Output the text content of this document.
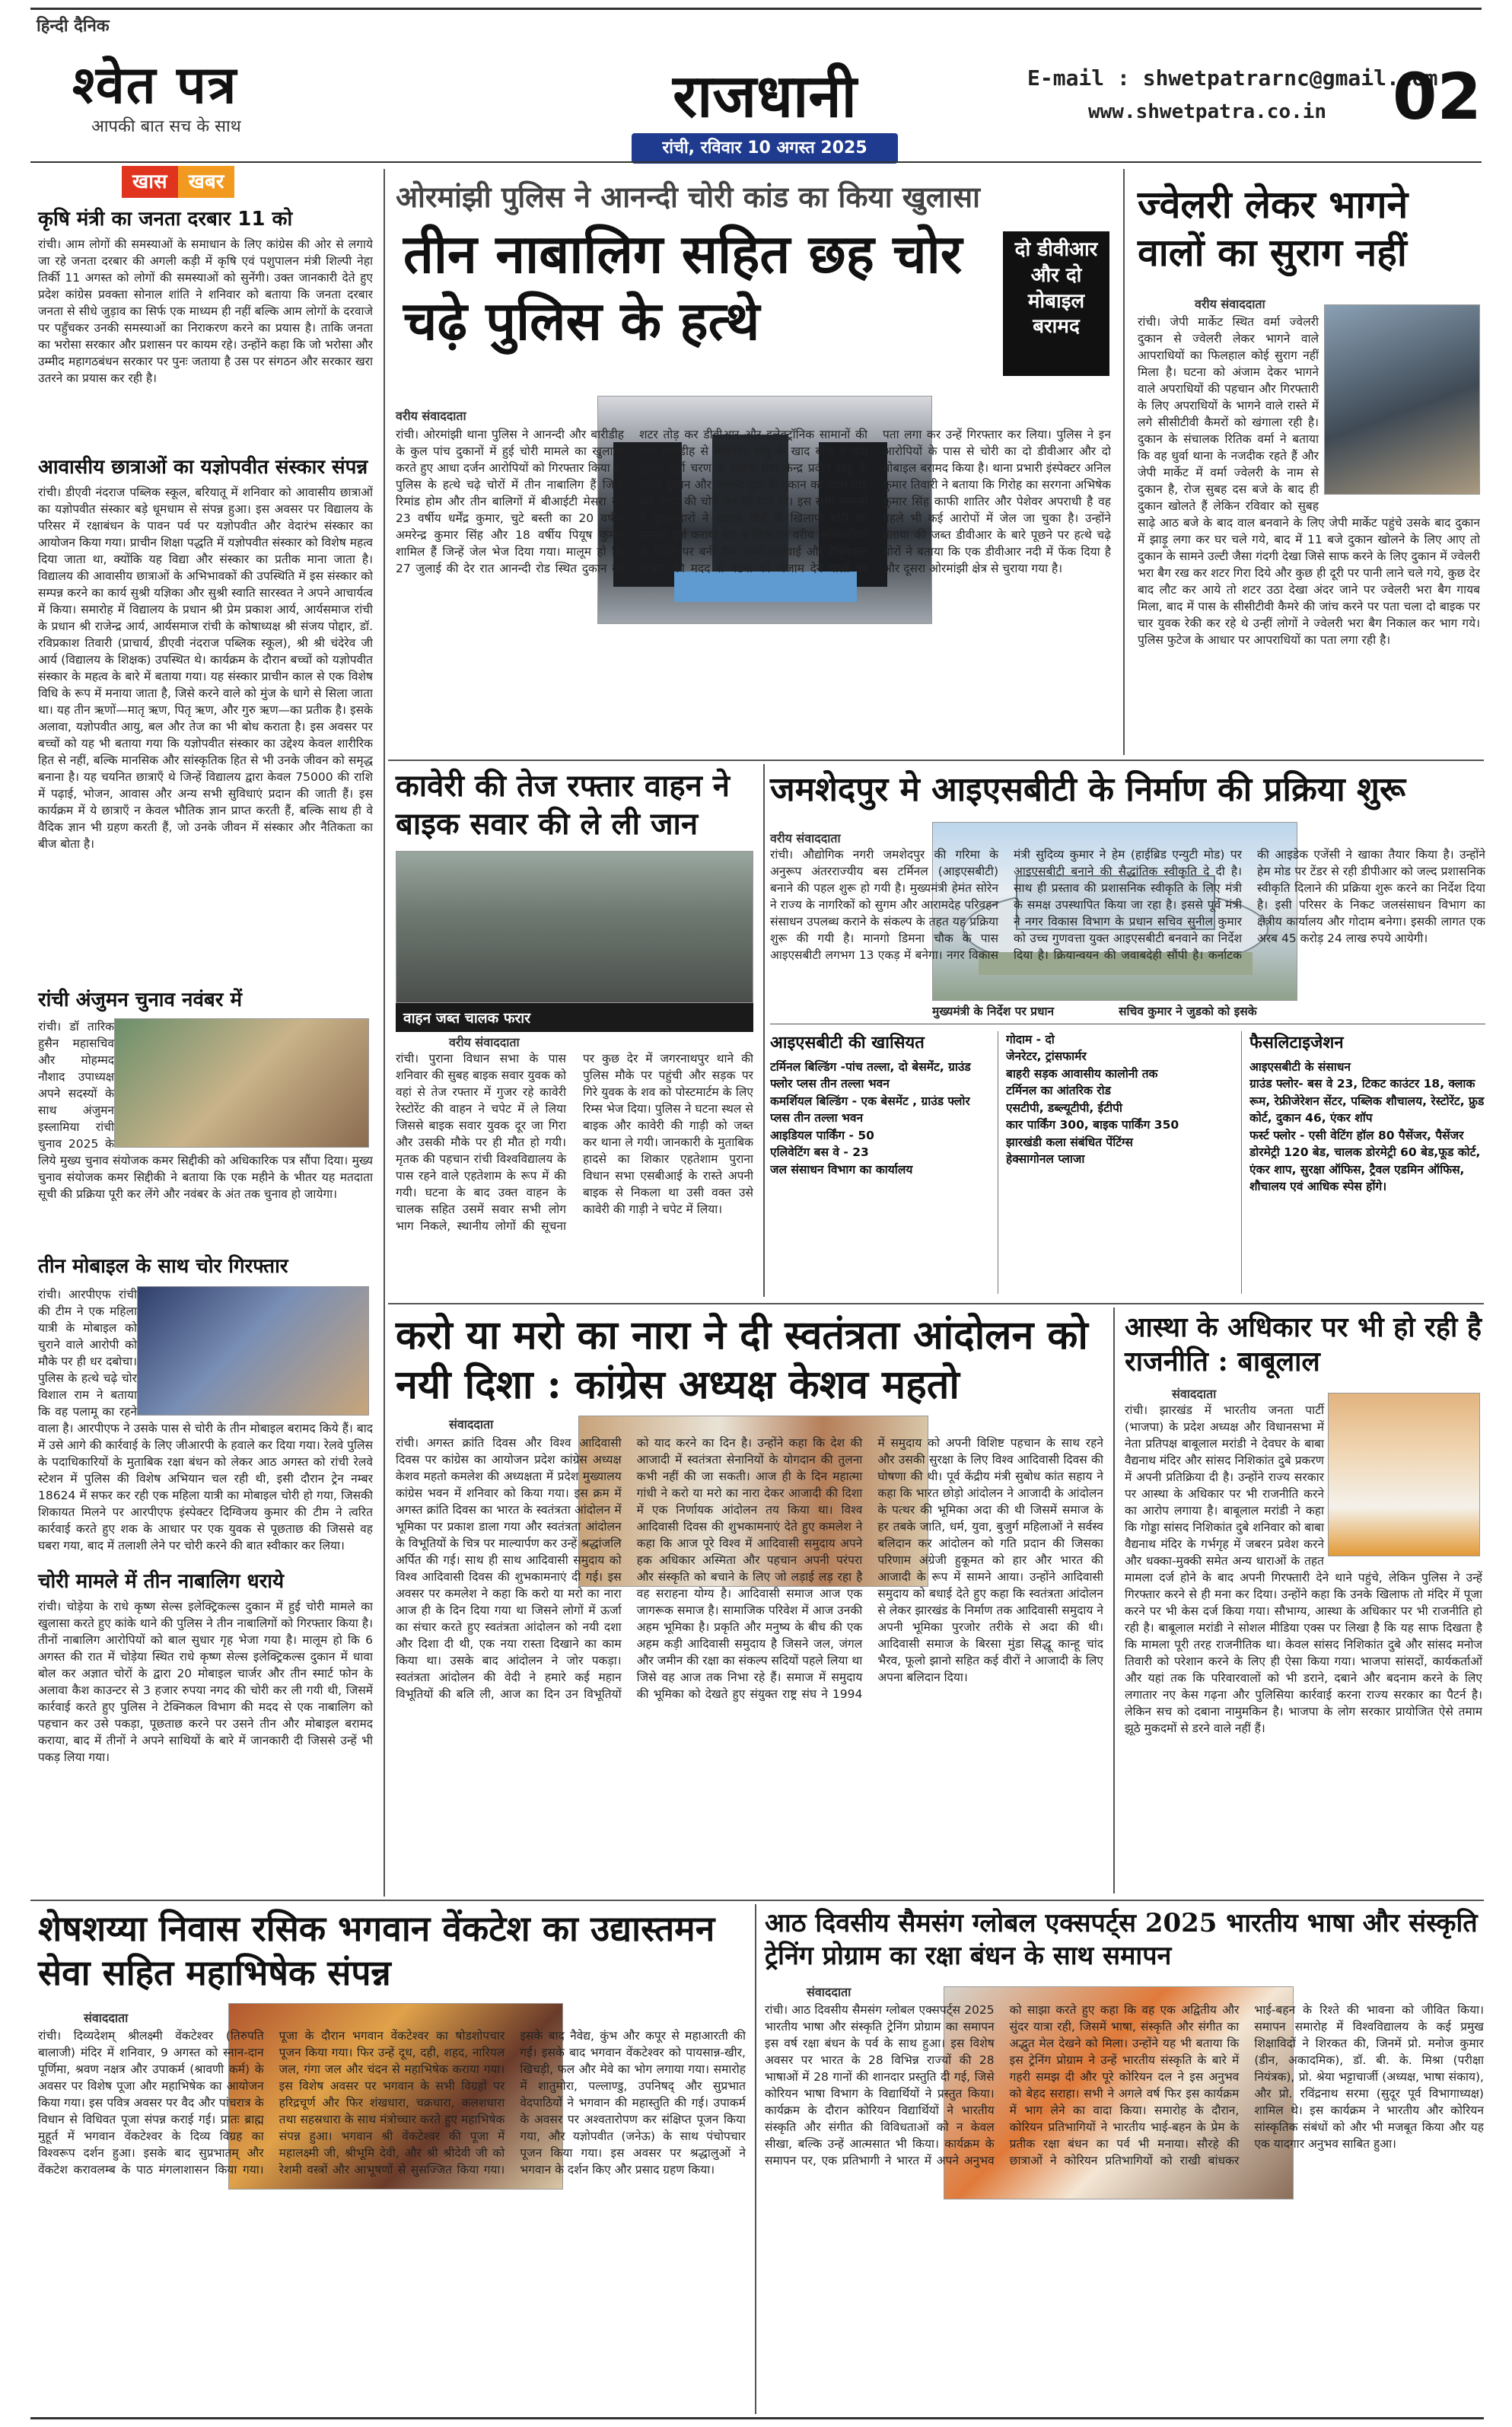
हिन्दी दैनिक
श्वेत पत्र
आपकी बात सच के साथ	राजधानी
रांची, रविवार 10 अगस्त 2025
E-mail : shwetpatrarnc@gmail.com
www.shwetpatra.co.in 02
खास	खबर
कृषि मंत्री का जनता दरबार 11 को
रांची। आम लोगों की समस्याओं के समाधान के लिए कांग्रेस की ओर से लगाये जा रहे जनता दरबार की अगली कड़ी में कृषि एवं पशुपालन मंत्री शिल्पी नेहा तिर्की 11 अगस्त को लोगों की समस्याओं को सुनेंगी। उक्त जानकारी देते हुए प्रदेश कांग्रेस प्रवक्ता सोनाल शांति ने शनिवार को बताया कि जनता दरबार जनता से सीधे जुड़ाव का सिर्फ एक माध्यम ही नहीं बल्कि आम लोगों के दरवाजे पर पहुँचकर उनकी समस्याओं का निराकरण करने का प्रयास है। ताकि जनता का भरोसा सरकार और प्रशासन पर कायम रहे। उन्होंने कहा कि जो भरोसा और उम्मीद महागठबंधन सरकार पर पुनः जताया है उस पर संगठन और सरकार खरा उतरने का प्रयास कर रही है।
आवासीय छात्राओं का यज्ञोपवीत संस्कार संपन्न
रांची। डीएवी नंदराज पब्लिक स्कूल, बरियातू में शनिवार को आवासीय छात्राओं का यज्ञोपवीत संस्कार बड़े धूमधाम से संपन्न हुआ। इस अवसर पर विद्यालय के परिसर में रक्षाबंधन के पावन पर्व पर यज्ञोपवीत और वेदारंभ संस्कार का आयोजन किया गया। प्राचीन शिक्षा पद्धति में यज्ञोपवीत संस्कार को विशेष महत्व दिया जाता था, क्योंकि यह विद्या और संस्कार का प्रतीक माना जाता है। विद्यालय की आवासीय छात्राओं के अभिभावकों की उपस्थिति में इस संस्कार को सम्पन्न करने का कार्य सुश्री यज्ञिका और सुश्री स्वाति सारस्वत ने अपने आचार्यत्व में किया। समारोह में विद्यालय के प्रधान श्री प्रेम प्रकाश आर्य, आर्यसमाज रांची के प्रधान श्री राजेन्द्र आर्य, आर्यसमाज रांची के कोषाध्यक्ष श्री संजय पोद्दार, डॉ. रविप्रकाश तिवारी (प्राचार्य, डीएवी नंदराज पब्लिक स्कूल), श्री श्री चंदेरेव जी आर्य (विद्यालय के शिक्षक) उपस्थित थे। कार्यक्रम के दौरान बच्चों को यज्ञोपवीत संस्कार के महत्व के बारे में बताया गया। यह संस्कार प्राचीन काल से एक विशेष विधि के रूप में मनाया जाता है, जिसे करने वाले को मुंज के धागे से सिला जाता था। यह तीन ऋणों—मातृ ऋण, पितृ ऋण, और गुरु ऋण—का प्रतीक है। इसके अलावा, यज्ञोपवीत आयु, बल और तेज का भी बोध कराता है। इस अवसर पर बच्चों को यह भी बताया गया कि यज्ञोपवीत संस्कार का उद्देश्य केवल शारीरिक हित से नहीं, बल्कि मानसिक और सांस्कृतिक हित से भी उनके जीवन को समृद्ध बनाना है। यह चयनित छात्राएँ थे जिन्हें विद्यालय द्वारा केवल 75000 की राशि में पढ़ाई, भोजन, आवास और अन्य सभी सुविधाएं प्रदान की जाती हैं। इस कार्यक्रम में ये छात्राएँ न केवल भौतिक ज्ञान प्राप्त करती हैं, बल्कि साथ ही वे वैदिक ज्ञान भी ग्रहण करती हैं, जो उनके जीवन में संस्कार और नैतिकता का बीज बोता है।
रांची अंजुमन चुनाव नवंबर में
रांची। डॉ तारिक हुसैन महासचिव और मोहम्मद नौशाद उपाध्यक्ष अपने सदस्यों के साथ अंजुमन इस्लामिया रांची चुनाव 2025 के लिये मुख्य चुनाव संयोजक कमर सिद्दीकी को अधिकारिक पत्र सौंपा दिया। मुख्य चुनाव संयोजक कमर सिद्दीकी ने बताया कि एक महीने के भीतर यह मतदाता सूची की प्रक्रिया पूरी कर लेंगे और नवंबर के अंत तक चुनाव हो जायेगा।
तीन मोबाइल के साथ चोर गिरफ्तार
रांची। आरपीएफ रांची की टीम ने एक महिला यात्री के मोबाइल को चुराने वाले आरोपी को मौके पर ही धर दबोचा। पुलिस के हत्थे चढ़े चोर विशाल राम ने बताया कि वह पलामू का रहने वाला है। आरपीएफ ने उसके पास से चोरी के तीन मोबाइल बरामद किये हैं। बाद में उसे आगे की कार्रवाई के लिए जीआरपी के हवाले कर दिया गया। रेलवे पुलिस के पदाधिकारियों के मुताबिक रक्षा बंधन को लेकर आठ अगस्त को रांची रेलवे स्टेशन में पुलिस की विशेष अभियान चल रही थी, इसी दौरान ट्रेन नम्बर 18624 में सफर कर रही एक महिला यात्री का मोबाइल चोरी हो गया, जिसकी शिकायत मिलने पर आरपीएफ इंस्पेक्टर दिग्विजय कुमार की टीम ने त्वरित कार्रवाई करते हुए शक के आधार पर एक युवक से पूछताछ की जिससे वह घबरा गया, बाद में तलाशी लेने पर चोरी करने की बात स्वीकार कर लिया।
चोरी मामले में तीन नाबालिग धराये
रांची। चोड़ेया के राधे कृष्ण सेल्स इलेक्ट्रिकल्स दुकान में हुई चोरी मामले का खुलासा करते हुए कांके थाने की पुलिस ने तीन नाबालिगों को गिरफ्तार किया है। तीनों नाबालिग आरोपियों को बाल सुधार गृह भेजा गया है। मालूम हो कि 6 अगस्त की रात में चोड़ेया स्थित राधे कृष्ण सेल्स इलेक्ट्रिकल्स दुकान में धावा बोल कर अज्ञात चोरों के द्वारा 20 मोबाइल चार्जर और तीन स्मार्ट फोन के अलावा कैश काउन्टर से 3 हजार रुपया नगद की चोरी कर ली गयी थी, जिसमें कार्रवाई करते हुए पुलिस ने टेक्निकल विभाग की मदद से एक नाबालिग को पहचान कर उसे पकड़ा, पूछताछ करने पर उसने तीन और मोबाइल बरामद कराया, बाद में तीनों ने अपने साथियों के बारे में जानकारी दी जिससे उन्हें भी पकड़ लिया गया।
ओरमांझी पुलिस ने आनन्दी चोरी कांड का किया खुलासा
तीन नाबालिग सहित छह चोर चढ़े पुलिस के हत्थे
दो डीवीआर और दो मोबाइल बरामद
वरीय संवाददाता
रांची। ओरमांझी थाना पुलिस ने आनन्दी और बारीडीह के कुल पांच दुकानों में हुई चोरी मामले का खुलासा करते हुए आधा दर्जन आरोपियों को गिरफ्तार किया है, पुलिस के हत्थे चढ़े चोरों में तीन नाबालिग हैं जिन्हें रिमांड होम और तीन बालिगों में बीआईटी मेसरा का 23 वर्षीय धर्मेंद्र कुमार, चुटे बस्ती का 20 वर्षीय अमरेन्द्र कुमार सिंह और 18 वर्षीय पियूष कुमार शामिल हैं जिन्हें जेल भेज दिया गया। मालूम हो कि 27 जुलाई की देर रात आनन्दी रोड स्थित दुकान का शटर तोड़ कर डीवीआर और इलेक्ट्रॉनिक सामानों की और बारीडीह से बालेश्वर साहु के खाद बीज व दवा दुकान दुर्गा चरण के ग्राहक सेवा केन्द्र प्रदीप साहू के राशन दुकान और आनन्द मुंडा के दुकान का ताला तोड़ कर नगदी की चोरी कर ली गयी थी। इस सभी मामलों में दुकानदारों ने अज्ञात चोरों के खिलाफ चोरी का मामला दर्ज कराया था। व जिस पर वरीय अधिकारियों के निर्देश पर बनी टीम अपने कार्रवाई और टेक्निकल विभाग की मदद से घटना को अंजाम देने वालों का पता लगा कर उन्हें गिरफ्तार कर लिया। पुलिस ने इन आरोपियों के पास से चोरी का दो डीवीआर और दो मोबाइल बरामद किया है। थाना प्रभारी इंस्पेक्टर अनिल कुमार तिवारी ने बताया कि गिरोह का सरगना अभिषेक कुमार सिंह काफी शातिर और पेशेवर अपराधी है वह पहले भी कई आरोपों में जेल जा चुका है। उन्होंने बताया की जब्त डीवीआर के बारे पूछने पर हत्थे चढ़े चोरों ने बताया कि एक डीवीआर नदी में फेंक दिया है और दूसरा ओरमांझी क्षेत्र से चुराया गया है।
ज्वेलरी लेकर भागने वालों का सुराग नहीं
वरीय संवाददाता
रांची। जेपी मार्केट स्थित वर्मा ज्वेलरी दुकान से ज्वेलरी लेकर भागने वाले आपराधियों का फिलहाल कोई सुराग नहीं मिला है। घटना को अंजाम देकर भागने वाले अपराधियों की पहचान और गिरफ्तारी के लिए अपराधियों के भागने वाले रास्ते में लगे सीसीटीवी कैमरों को खंगाला रही है। दुकान के संचालक रितिक वर्मा ने बताया कि वह धुर्वा थाना के नजदीक रहते हैं और जेपी मार्केट में वर्मा ज्वेलरी के नाम से दुकान है, रोज सुबह दस बजे के बाद ही दुकान खोलते हैं लेकिन रविवार को सुबह साढ़े आठ बजे के बाद वाल बनवाने के लिए जेपी मार्केट पहुंचे उसके बाद दुकान में झाड़ू लगा कर घर चले गये, बाद में 11 बजे दुकान खोलने के लिए आए तो दुकान के सामने उल्टी जैसा गंदगी देखा जिसे साफ करने के लिए दुकान में ज्वेलरी भरा बैग रख कर शटर गिरा दिये और कुछ ही दूरी पर पानी लाने चले गये, कुछ देर बाद लौट कर आये तो शटर उठा देखा अंदर जाने पर ज्वेलरी भरा बैग गायब मिला, बाद में पास के सीसीटीवी कैमरे की जांच करने पर पता चला दो बाइक पर चार युवक रेकी कर रहे थे उन्हीं लोगों ने ज्वेलरी भरा बैग निकाल कर भाग गये। पुलिस फुटेज के आधार पर आपराधियों का पता लगा रही है।
कावेरी की तेज रफ्तार वाहन ने बाइक सवार की ले ली जान
वाहन जब्त चालक फरार
वरीय संवाददाता
रांची। पुराना विधान सभा के पास शनिवार की सुबह बाइक सवार युवक को वहां से तेज रफ्तार में गुजर रहे कावेरी रेस्टोरेंट की वाहन ने चपेट में ले लिया जिससे बाइक सवार युवक दूर जा गिरा और उसकी मौके पर ही मौत हो गयी। मृतक की पहचान रांची विश्वविद्यालय के पास रहने वाले एहतेशाम के रूप में की गयी। घटना के बाद उक्त वाहन के चालक सहित उसमें सवार सभी लोग भाग निकले, स्थानीय लोगों की सूचना पर कुछ देर में जगरनाथपुर थाने की पुलिस मौके पर पहुंची और सड़क पर गिरे युवक के शव को पोस्टमार्टम के लिए रिम्स भेज दिया। पुलिस ने घटना स्थल से बाइक और कावेरी की गाड़ी को जब्त कर थाना ले गयी। जानकारी के मुताबिक हादसे का शिकार एहतेशाम पुराना विधान सभा एसबीआई के रास्ते अपनी बाइक से निकला था उसी वक्त उसे कावेरी की गाड़ी ने चपेट में लिया।
जमशेदपुर मे आइएसबीटी के निर्माण की प्रक्रिया शुरू
वरीय संवाददाता
रांची। औद्योगिक नगरी जमशेदपुर की गरिमा के अनुरूप अंतरराज्यीय बस टर्मिनल (आइएसबीटी) बनाने की पहल शुरू हो गयी है। मुख्यमंत्री हेमंत सोरेन ने राज्य के नागरिकों को सुगम और आरामदेह परिवहन संसाधन उपलब्ध कराने के संकल्प के तहत यह प्रक्रिया शुरू की गयी है। मानगो डिमना चौक के पास आइएसबीटी लगभग 13 एकड़ में बनेगा। नगर विकास मंत्री सुदिव्य कुमार ने हेम (हाईब्रिड एन्युटी मोड) पर आइएसबीटी बनाने की सैद्धांतिक स्वीकृति दे दी है। साथ ही प्रस्ताव की प्रशासनिक स्वीकृति के लिए मंत्री के समक्ष उपस्थापित किया जा रहा है। इससे पूर्व मंत्री ने नगर विकास विभाग के प्रधान सचिव सुनील कुमार को उच्च गुणवत्ता युक्त आइएसबीटी बनवाने का निर्देश दिया है। क्रियान्वयन की जवाबदेही सौंपी है। कर्नाटक की आइडेक एजेंसी ने खाका तैयार किया है। उन्होंने हेम मोड पर टेंडर से रही डीपीआर को जल्द प्रशासनिक स्वीकृति दिलाने की प्रक्रिया शुरू करने का निर्देश दिया है। इसी परिसर के निकट जलसंसाधन विभाग का क्षेत्रीय कार्यालय और गोदाम बनेगा। इसकी लागत एक अरब 45 करोड़ 24 लाख रुपये आयेगी।
मुख्यमंत्री के निर्देश पर प्रधान	सचिव कुमार ने जुडको को इसके
आइएसबीटी की खासियत
टर्मिनल बिल्डिंग -पांच तल्ला, दो बेसमेंट, ग्राउंड फ्लोर प्लस तीन तल्ला भवन
कमर्शियल बिल्डिंग - एक बेसमेंट , ग्राउंड फ्लोर प्लस तीन तल्ला भवन
आइडियल पार्किंग - 50
एलिवेटिंग बस वे - 23
जल संसाधन विभाग का कार्यालय
गोदाम - दो
जेनरेटर, ट्रांसफार्मर
बाहरी सड़क आवासीय कालोनी तक
टर्मिनल का आंतरिक रोड
एसटीपी, डब्ल्यूटीपी, ईटीपी
कार पार्किंग 300, बाइक पार्किंग 350
झारखंडी कला संबंधित पेंटिंग्स
हेक्सागोनल प्लाजा
फैसलिटाइजेशन
आइएसबीटी के संसाधन
ग्राउंड फ्लोर- बस वे 23, टिकट काउंटर 18, क्लाक रूम, रेफ्रीजेरेशन सेंटर, पब्लिक शौचालय, रेस्टोरेंट, फ्रुड कोर्ट, दुकान 46, एंकर शॉप
फर्स्ट फ्लोर - एसी वेटिंग हॉल 80 पैसेंजर, पैसेंजर डोरमेट्री 120 बेड, चालक डोरमेट्री 60 बेड,फूड कोर्ट, एंकर शाप, सुरक्षा ऑफिस, ट्रैवल एडमिन ऑफिस, शौचालय एवं आधिक स्पेस होंगे।
करो या मरो का नारा ने दी स्वतंत्रता आंदोलन को नयी दिशा : कांग्रेस अध्यक्ष केशव महतो
संवाददाता
रांची। अगस्त क्रांति दिवस और विश्व आदिवासी दिवस पर कांग्रेस का आयोजन प्रदेश कांग्रेस अध्यक्ष केशव महतो कमलेश की अध्यक्षता में प्रदेश मुख्यालय कांग्रेस भवन में शनिवार को किया गया। इस क्रम में अगस्त क्रांति दिवस का भारत के स्वतंत्रता आंदोलन में भूमिका पर प्रकाश डाला गया और स्वतंत्रता आंदोलन के विभूतियों के चित्र पर माल्यार्पण कर उन्हें श्रद्धांजलि अर्पित की गई। साथ ही साथ आदिवासी समुदाय को विश्व आदिवासी दिवस की शुभकामनाएं दी गई। इस अवसर पर कमलेश ने कहा कि करो या मरो का नारा आज ही के दिन दिया गया था जिसने लोगों में ऊर्जा का संचार करते हुए स्वतंत्रता आंदोलन को नयी दशा और दिशा दी थी, एक नया रास्ता दिखाने का काम किया था। उसके बाद आंदोलन ने जोर पकड़ा। स्वतंत्रता आंदोलन की वेदी ने हमारे कई महान विभूतियों की बलि ली, आज का दिन उन विभूतियों को याद करने का दिन है। उन्होंने कहा कि देश की आजादी में स्वतंत्रता सेनानियों के योगदान की तुलना कभी नहीं की जा सकती। आज ही के दिन महात्मा गांधी ने करो या मरो का नारा देकर आजादी की दिशा में एक निर्णायक आंदोलन तय किया था। विश्व आदिवासी दिवस की शुभकामनाएं देते हुए कमलेश ने कहा कि आज पूरे विश्व में आदिवासी समुदाय अपने हक अधिकार अस्मिता और पहचान अपनी परंपरा और संस्कृति को बचाने के लिए जो लड़ाई लड़ रहा है वह सराहना योग्य है। आदिवासी समाज आज एक जागरूक समाज है। सामाजिक परिवेश में आज उनकी अहम भूमिका है। प्रकृति और मनुष्य के बीच की एक अहम कड़ी आदिवासी समुदाय है जिसने जल, जंगल और जमीन की रक्षा का संकल्प सदियों पहले लिया था जिसे वह आज तक निभा रहे हैं। समाज में समुदाय की भूमिका को देखते हुए संयुक्त राष्ट्र संघ ने 1994 में समुदाय को अपनी विशिष्ट पहचान के साथ रहने और उसकी सुरक्षा के लिए विश्व आदिवासी दिवस की घोषणा की थी। पूर्व केंद्रीय मंत्री सुबोध कांत सहाय ने कहा कि भारत छोड़ो आंदोलन ने आजादी के आंदोलन के पत्थर की भूमिका अदा की थी जिसमें समाज के हर तबके जाति, धर्म, युवा, बुजुर्ग महिलाओं ने सर्वस्व बलिदान कर आंदोलन को गति प्रदान की जिसका परिणाम अंग्रेजी हुकूमत को हार और भारत की आजादी के रूप में सामने आया। उन्होंने आदिवासी समुदाय को बधाई देते हुए कहा कि स्वतंत्रता आंदोलन से लेकर झारखंड के निर्माण तक आदिवासी समुदाय ने अपनी भूमिका पुरजोर तरीके से अदा की थी। आदिवासी समाज के बिरसा मुंडा सिद्धू कान्हू चांद भैरव, फूलो झानो सहित कई वीरों ने आजादी के लिए अपना बलिदान दिया।
आस्था के अधिकार पर भी हो रही है राजनीति : बाबूलाल
संवाददाता
रांची। झारखंड में भारतीय जनता पार्टी (भाजपा) के प्रदेश अध्यक्ष और विधानसभा में नेता प्रतिपक्ष बाबूलाल मरांडी ने देवघर के बाबा वैद्यनाथ मंदिर और सांसद निशिकांत दुबे प्रकरण में अपनी प्रतिक्रिया दी है। उन्होंने राज्य सरकार पर आस्था के अधिकार पर भी राजनीति करने का आरोप लगाया है। बाबूलाल मरांडी ने कहा कि गोड्डा सांसद निशिकांत दुबे शनिवार को बाबा वैद्यनाथ मंदिर के गर्भगृह में जबरन प्रवेश करने और धक्का-मुक्की समेत अन्य धाराओं के तहत मामला दर्ज होने के बाद अपनी गिरफ्तारी देने थाने पहुंचे, लेकिन पुलिस ने उन्हें गिरफ्तार करने से ही मना कर दिया। उन्होंने कहा कि उनके खिलाफ तो मंदिर में पूजा करने पर भी केस दर्ज किया गया। सौभाग्य, आस्था के अधिकार पर भी राजनीति हो रही है। बाबूलाल मरांडी ने सोशल मीडिया एक्स पर लिखा है कि यह साफ दिखता है कि मामला पूरी तरह राजनीतिक था। केवल सांसद निशिकांत दुबे और सांसद मनोज तिवारी को परेशान करने के लिए ही ऐसा किया गया। भाजपा सांसदों, कार्यकर्ताओं और यहां तक कि परिवारवालों को भी डराने, दबाने और बदनाम करने के लिए लगातार नए केस गढ़ना और पुलिसिया कार्रवाई करना राज्य सरकार का पैटर्न है। लेकिन सच को दबाना नामुमकिन है। भाजपा के लोग सरकार प्रायोजित ऐसे तमाम झूठे मुकदमों से डरने वाले नहीं हैं।
शेषशय्या निवास रसिक भगवान वेंकटेश का उद्यास्तमन सेवा सहित महाभिषेक संपन्न
संवाददाता
रांची। दिव्यदेशम् श्रीलक्ष्मी वेंकटेश्वर (तिरुपति बालाजी) मंदिर में शनिवार, 9 अगस्त को स्नान-दान पूर्णिमा, श्रवण नक्षत्र और उपाकर्म (श्रावणी कर्म) के अवसर पर विशेष पूजा और महाभिषेक का आयोजन किया गया। इस पवित्र अवसर पर वैद और पांचरात्र के विधान से विधिवत पूजा संपन्न कराई गई। प्रातः ब्राह्म मुहूर्त में भगवान वेंकटेश्वर के दिव्य विग्रह का विश्वरूप दर्शन हुआ। इसके बाद सुप्रभातम् और वेंकटेश करावलम्ब के पाठ मंगलाशासन किया गया। पूजा के दौरान भगवान वेंकटेश्वर का षोडशोपचार पूजन किया गया। फिर उन्हें दूध, दही, शहद, नारियल जल, गंगा जल और चंदन से महाभिषेक कराया गया। इस विशेष अवसर पर भगवान के सभी विग्रहों पर हरिद्रचूर्ण और फिर शंखधारा, चक्रधारा, कलशधारा तथा सहस्रधारा के साथ मंत्रोच्चार करते हुए महाभिषेक संपन्न हुआ। भगवान श्री वेंकटेश्वर की पूजा में महालक्ष्मी जी, श्रीभूमि देवी, और श्री श्रीदेवी जी को रेशमी वस्त्रों और आभूषणों से सुसज्जित किया गया। इसके बाद नैवेद्य, कुंभ और कपूर से महाआरती की गई। इसके बाद भगवान वेंकटेश्वर को पायसान्न-खीर, खिचड़ी, फल और मेवे का भोग लगाया गया। समारोह में शातुमोरा, पल्लाण्डु, उपनिषद् और सुप्रभात वेदपाठियों ने भगवान की महास्तुति की गई। उपाकर्म के अवसर पर अश्वतारोपण कर संक्षिप्त पूजन किया गया, और यज्ञोपवीत (जनेऊ) के साथ पंचोपचार पूजन किया गया। इस अवसर पर श्रद्धालुओं ने भगवान के दर्शन किए और प्रसाद ग्रहण किया।
आठ दिवसीय सैमसंग ग्लोबल एक्सपर्ट्स 2025 भारतीय भाषा और संस्कृति ट्रेनिंग प्रोग्राम का रक्षा बंधन के साथ समापन
संवाददाता
रांची। आठ दिवसीय सैमसंग ग्लोबल एक्सपर्ट्स 2025 भारतीय भाषा और संस्कृति ट्रेनिंग प्रोग्राम का समापन इस वर्ष रक्षा बंधन के पर्व के साथ हुआ। इस विशेष अवसर पर भारत के 28 विभिन्न राज्यों की 28 भाषाओं में 28 गानों की शानदार प्रस्तुति दी गई, जिसे कोरियन भाषा विभाग के विद्यार्थियों ने प्रस्तुत किया। कार्यक्रम के दौरान कोरियन विद्यार्थियों ने भारतीय संस्कृति और संगीत की विविधताओं को न केवल सीखा, बल्कि उन्हें आत्मसात भी किया। कार्यक्रम के समापन पर, एक प्रतिभागी ने भारत में अपने अनुभव को साझा करते हुए कहा कि वह एक अद्वितीय और सुंदर यात्रा रही, जिसमें भाषा, संस्कृति और संगीत का अद्भुत मेल देखने को मिला। उन्होंने यह भी बताया कि इस ट्रेनिंग प्रोग्राम ने उन्हें भारतीय संस्कृति के बारे में गहरी समझ दी और पूरे कोरियन दल ने इस अनुभव को बेहद सराहा। सभी ने अगले वर्ष फिर इस कार्यक्रम में भाग लेने का वादा किया। समारोह के दौरान, कोरियन प्रतिभागियों ने भारतीय भाई-बहन के प्रेम के प्रतीक रक्षा बंधन का पर्व भी मनाया। सौरहे की छात्राओं ने कोरियन प्रतिभागियों को राखी बांधकर भाई-बहन के रिश्ते की भावना को जीवित किया। समापन समारोह में विश्वविद्यालय के कई प्रमुख शिक्षाविदों ने शिरकत की, जिनमें प्रो. मनोज कुमार (डीन, अकादमिक), डॉ. बी. के. मिश्रा (परीक्षा नियंत्रक), प्रो. श्रेया भट्टाचार्जी (अध्यक्ष, भाषा संकाय), और प्रो. रविंद्रनाथ सरमा (सुदूर पूर्व विभागाध्यक्ष) शामिल थे। इस कार्यक्रम ने भारतीय और कोरियन सांस्कृतिक संबंधों को और भी मजबूत किया और यह एक यादगार अनुभव साबित हुआ।
